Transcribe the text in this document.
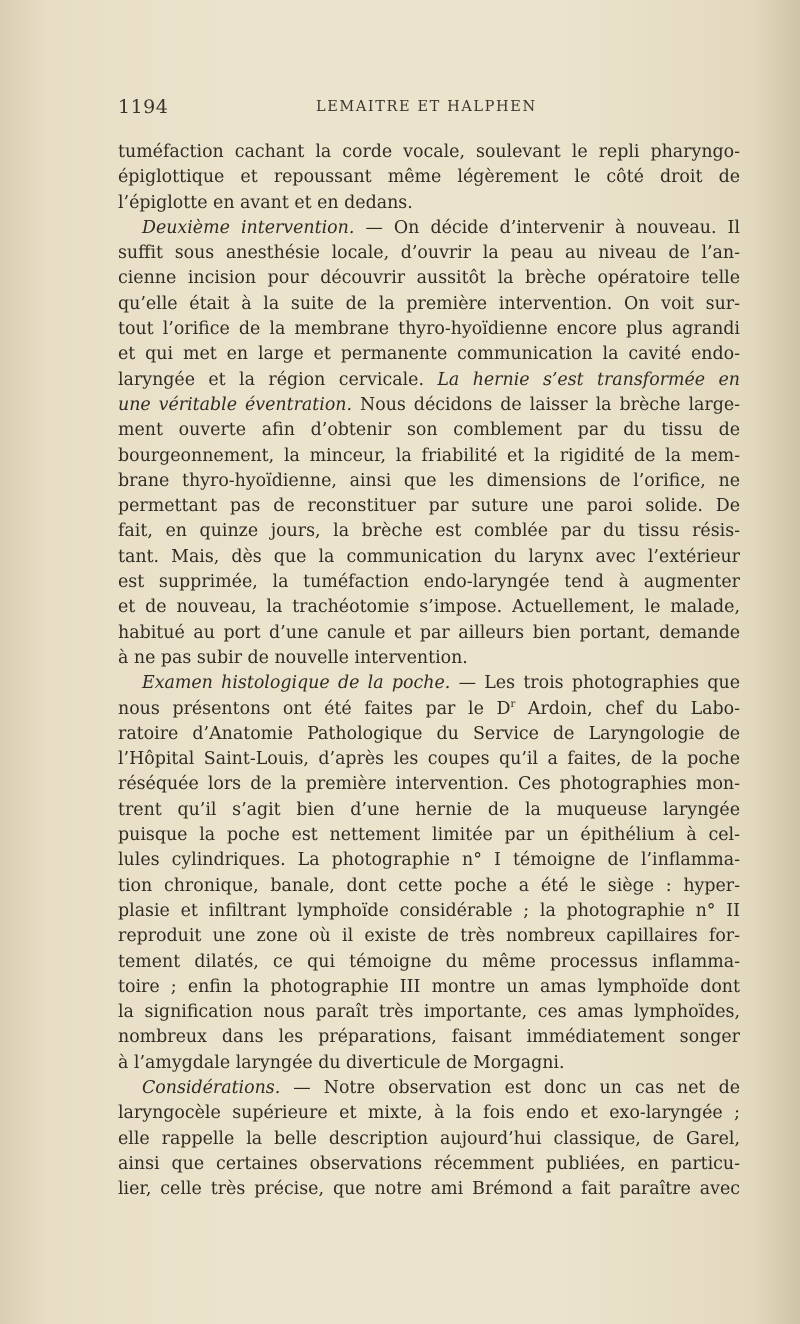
1194	LEMAITRE ET HALPHEN
tuméfaction cachant la corde vocale, soulevant le repli pharyngo-
épiglottique et repoussant même légèrement le côté droit de
l’épiglotte en avant et en dedans.
Deuxième intervention. — On décide d’intervenir à nouveau. Il
suffit sous anesthésie locale, d’ouvrir la peau au niveau de l’an-
cienne incision pour découvrir aussitôt la brèche opératoire telle
qu’elle était à la suite de la première intervention. On voit sur-
tout l’orifice de la membrane thyro-hyoïdienne encore plus agrandi
et qui met en large et permanente communication la cavité endo-
laryngée et la région cervicale. La hernie s’est transformée en
une véritable éventration. Nous décidons de laisser la brèche large-
ment ouverte afin d’obtenir son comblement par du tissu de
bourgeonnement, la minceur, la friabilité et la rigidité de la mem-
brane thyro-hyoïdienne, ainsi que les dimensions de l’orifice, ne
permettant pas de reconstituer par suture une paroi solide. De
fait, en quinze jours, la brèche est comblée par du tissu résis-
tant. Mais, dès que la communication du larynx avec l’extérieur
est supprimée, la tuméfaction endo-laryngée tend à augmenter
et de nouveau, la trachéotomie s’impose. Actuellement, le malade,
habitué au port d’une canule et par ailleurs bien portant, demande
à ne pas subir de nouvelle intervention.
Examen histologique de la poche. — Les trois photographies que
nous présentons ont été faites par le $D^r$ Ardoin, chef du Labo-
ratoire d’Anatomie Pathologique du Service de Laryngologie de
l’Hôpital Saint-Louis, d’après les coupes qu’il a faites, de la poche
réséquée lors de la première intervention. Ces photographies mon-
trent qu’il s’agit bien d’une hernie de la muqueuse laryngée
puisque la poche est nettement limitée par un épithélium à cel-
lules cylindriques. La photographie n° I témoigne de l’inflamma-
tion chronique, banale, dont cette poche a été le siège : hyper-
plasie et infiltrant lymphoïde considérable ; la photographie n° II
reproduit une zone où il existe de très nombreux capillaires for-
tement dilatés, ce qui témoigne du même processus inflamma-
toire ; enfin la photographie III montre un amas lymphoïde dont
la signification nous paraît très importante, ces amas lymphoïdes,
nombreux dans les préparations, faisant immédiatement songer
à l’amygdale laryngée du diverticule de Morgagni.
Considérations. — Notre observation est donc un cas net de
laryngocèle supérieure et mixte, à la fois endo et exo-laryngée ;
elle rappelle la belle description aujourd’hui classique, de Garel,
ainsi que certaines observations récemment publiées, en particu-
lier, celle très précise, que notre ami Brémond a fait paraître avec
